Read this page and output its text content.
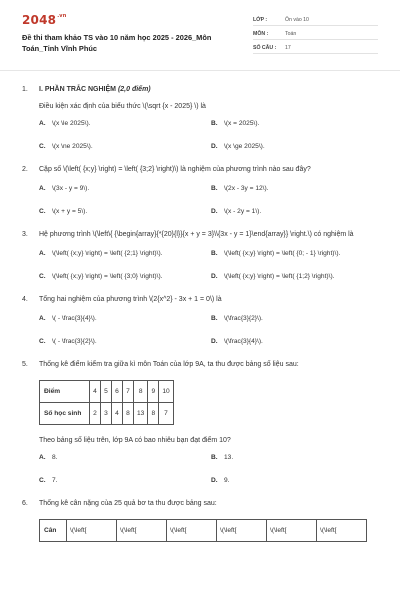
$2048^{.vn}$
Đề thi tham khảo TS vào 10 năm học 2025 - 2026_Môn Toán_Tỉnh Vĩnh Phúc
LỚP :	Ôn vào 10
MÔN :	Toán
SỐ CÂU :	17
1.	I. PHẦN TRẮC NGHIỆM (2,0 điểm)
Điều kiện xác định của biểu thức \(\sqrt {x - 2025} \) là
A. \(x \le 2025\).	B. \(x = 2025\).
C. \(x \ne 2025\).	D. \(x \ge 2025\).
2.	Cặp số \(\left( {x;y} \right) = \left( {3;2} \right)\) là nghiệm của phương trình nào sau đây?
A. \(3x - y = 9\).	B. \(2x - 3y = 12\).
C. \(x + y = 5\).	D. \(x - 2y = 1\).
3.	Hệ phương trình \(\left\{ {\begin{array}{*{20}{l}}{x + y = 3}\\{3x - y = 1}\end{array}} \right.\) có nghiệm là
A. \(\left( {x;y} \right) = \left( {2;1} \right)\).	B. \(\left( {x;y} \right) = \left( {0; - 1} \right)\).
C. \(\left( {x;y} \right) = \left( {3;0} \right)\).	D. \(\left( {x;y} \right) = \left( {1;2} \right)\).
4.	Tổng hai nghiệm của phương trình \(2{x^2} - 3x + 1 = 0\) là
A. \( - \frac{3}{4}\).	B. \(\frac{3}{2}\).
C. \( - \frac{3}{2}\).	D. \(\frac{3}{4}\).
5.	Thống kê điểm kiểm tra giữa kì môn Toán của lớp 9A, ta thu được bảng số liệu sau:
Điểm	4	5	6	7	8	9	10
Số học sinh	2	3	4	8	13	8	7
Theo bảng số liệu trên, lớp 9A có bao nhiêu bạn đạt điểm 10?
A. 8.	B. 13.
C. 7.	D. 9.
6.	Thống kê cân nặng của 25 quả bơ ta thu được bảng sau:
Cân	\(\left[	\(\left[	\(\left[	\(\left[	\(\left[	\(\left[
